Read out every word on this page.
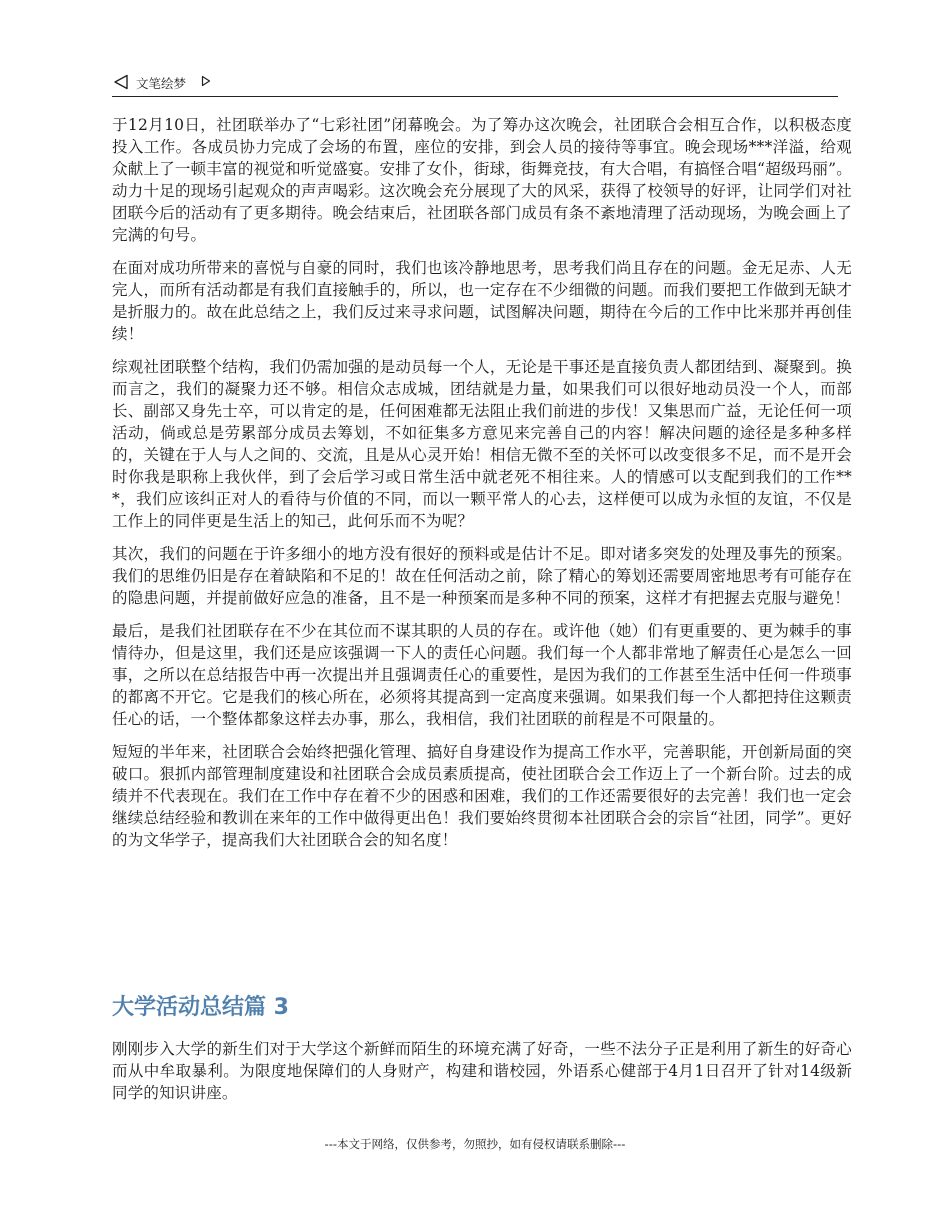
文笔绘梦

于12月10日，社团联举办了“七彩社团”闭幕晚会。为了筹办这次晚会，社团联合会相互合作，以积极态度投入工作。各成员协力完成了会场的布置，座位的安排，到会人员的接待等事宜。晚会现场***洋溢，给观众献上了一顿丰富的视觉和听觉盛宴。安排了女仆，街球，街舞竞技，有大合唱，有搞怪合唱“超级玛丽”。动力十足的现场引起观众的声声喝彩。这次晚会充分展现了大的风采，获得了校领导的好评，让同学们对社团联今后的活动有了更多期待。晚会结束后，社团联各部门成员有条不紊地清理了活动现场，为晚会画上了完满的句号。

在面对成功所带来的喜悦与自豪的同时，我们也该冷静地思考，思考我们尚且存在的问题。金无足赤、人无完人，而所有活动都是有我们直接触手的，所以，也一定存在不少细微的问题。而我们要把工作做到无缺才是折服力的。故在此总结之上，我们反过来寻求问题，试图解决问题，期待在今后的工作中比米那并再创佳续！

综观社团联整个结构，我们仍需加强的是动员每一个人，无论是干事还是直接负责人都团结到、凝聚到。换而言之，我们的凝聚力还不够。相信众志成城，团结就是力量，如果我们可以很好地动员没一个人，而部长、副部又身先士卒，可以肯定的是，任何困难都无法阻止我们前进的步伐！又集思而广益，无论任何一项活动，倘或总是劳累部分成员去筹划，不如征集多方意见来完善自己的内容！解决问题的途径是多种多样的，关键在于人与人之间的、交流，且是从心灵开始！相信无微不至的关怀可以改变很多不足，而不是开会时你我是职称上我伙伴，到了会后学习或日常生活中就老死不相往来。人的情感可以支配到我们的工作***，我们应该纠正对人的看待与价值的不同，而以一颗平常人的心去，这样便可以成为永恒的友谊，不仅是工作上的同伴更是生活上的知己，此何乐而不为呢？

其次，我们的问题在于许多细小的地方没有很好的预料或是估计不足。即对诸多突发的处理及事先的预案。我们的思维仍旧是存在着缺陷和不足的！故在任何活动之前，除了精心的筹划还需要周密地思考有可能存在的隐患问题，并提前做好应急的准备，且不是一种预案而是多种不同的预案，这样才有把握去克服与避免！

最后，是我们社团联存在不少在其位而不谋其职的人员的存在。或许他（她）们有更重要的、更为棘手的事情待办，但是这里，我们还是应该强调一下人的责任心问题。我们每一个人都非常地了解责任心是怎么一回事，之所以在总结报告中再一次提出并且强调责任心的重要性，是因为我们的工作甚至生活中任何一件琐事的都离不开它。它是我们的核心所在，必须将其提高到一定高度来强调。如果我们每一个人都把持住这颗责任心的话，一个整体都象这样去办事，那么，我相信，我们社团联的前程是不可限量的。

短短的半年来，社团联合会始终把强化管理、搞好自身建设作为提高工作水平，完善职能，开创新局面的突破口。狠抓内部管理制度建设和社团联合会成员素质提高，使社团联合会工作迈上了一个新台阶。过去的成绩并不代表现在。我们在工作中存在着不少的困惑和困难，我们的工作还需要很好的去完善！我们也一定会继续总结经验和教训在来年的工作中做得更出色！我们要始终贯彻本社团联合会的宗旨“社团，同学”。更好的为文华学子，提高我们大社团联合会的知名度！

大学活动总结篇 3

刚刚步入大学的新生们对于大学这个新鲜而陌生的环境充满了好奇，一些不法分子正是利用了新生的好奇心而从中牟取暴利。为限度地保障们的人身财产，构建和谐校园，外语系心健部于4月1日召开了针对14级新同学的知识讲座。

---本文于网络，仅供参考，勿照抄，如有侵权请联系删除---
